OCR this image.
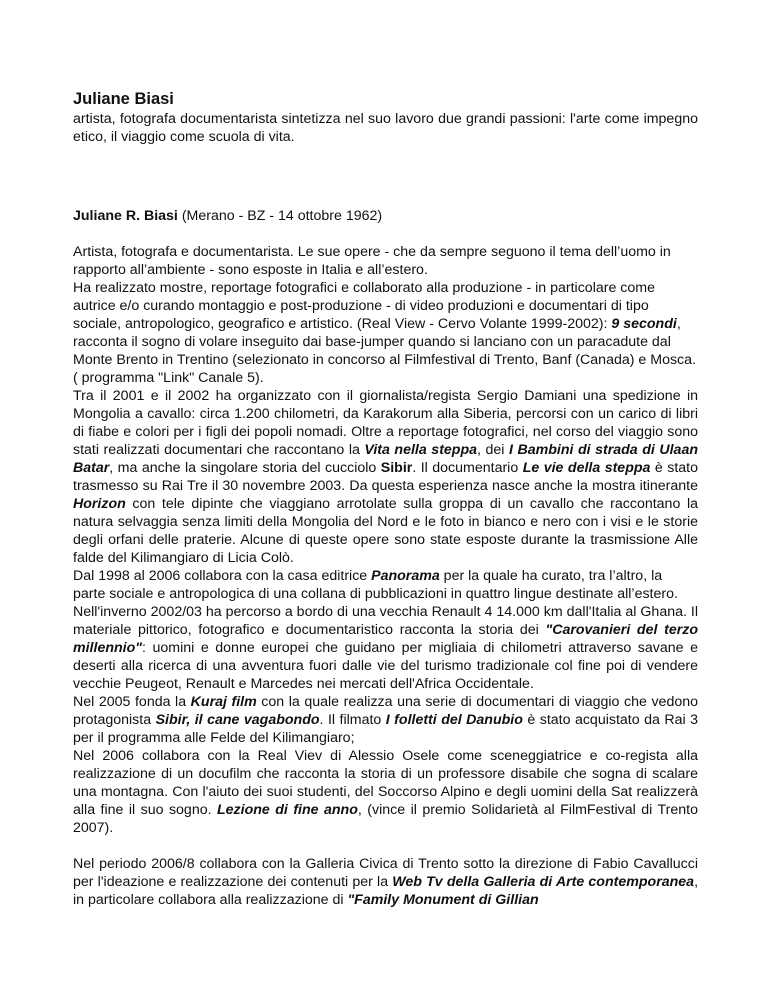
Juliane Biasi

artista, fotografa documentarista sintetizza nel suo lavoro due grandi passioni: l'arte come impegno etico, il viaggio come scuola di vita.

Juliane R. Biasi (Merano - BZ - 14 ottobre 1962)

Artista, fotografa e documentarista. Le sue opere - che da sempre seguono il tema dell’uomo in rapporto all’ambiente - sono esposte in Italia e all’estero.

Ha realizzato mostre, reportage fotografici e collaborato alla produzione - in particolare come autrice e/o curando montaggio e post-produzione - di video produzioni e documentari di tipo sociale, antropologico, geografico e artistico. (Real View - Cervo Volante 1999-2002): 9 secondi, racconta il sogno di volare inseguito dai base-jumper quando si lanciano con un paracadute dal Monte Brento in Trentino (selezionato in concorso al Filmfestival di Trento, Banf (Canada) e Mosca. ( programma "Link" Canale 5).

Tra il 2001 e il 2002 ha organizzato con il giornalista/regista Sergio Damiani una spedizione in Mongolia a cavallo: circa 1.200 chilometri, da Karakorum alla Siberia, percorsi con un carico di libri di fiabe e colori per i figli dei popoli nomadi. Oltre a reportage fotografici, nel corso del viaggio sono stati realizzati documentari che raccontano la Vita nella steppa, dei I Bambini di strada di Ulaan Batar, ma anche la singolare storia del cucciolo Sibir. Il documentario Le vie della steppa è stato trasmesso su Rai Tre il 30 novembre 2003. Da questa esperienza nasce anche la mostra itinerante Horizon con tele dipinte che viaggiano arrotolate sulla groppa di un cavallo che raccontano la natura selvaggia senza limiti della Mongolia del Nord e le foto in bianco e nero con i visi e le storie degli orfani delle praterie. Alcune di queste opere sono state esposte durante la trasmissione Alle falde del Kilimangiaro di Licia Colò.

Dal 1998 al 2006 collabora con la casa editrice Panorama per la quale ha curato, tra l’altro, la parte sociale e antropologica di una collana di pubblicazioni in quattro lingue destinate all’estero.

Nell'inverno 2002/03 ha percorso a bordo di una vecchia Renault 4 14.000 km dall'Italia al Ghana. Il materiale pittorico, fotografico e documentaristico racconta la storia dei "Carovanieri del terzo millennio": uomini e donne europei che guidano per migliaia di chilometri attraverso savane e deserti alla ricerca di una avventura fuori dalle vie del turismo tradizionale col fine poi di vendere vecchie Peugeot, Renault e Marcedes nei mercati dell'Africa Occidentale.

Nel 2005 fonda la Kuraj film con la quale realizza una serie di documentari di viaggio che vedono protagonista Sibir, il cane vagabondo. Il filmato I folletti del Danubio è stato acquistato da Rai 3 per il programma alle Felde del Kilimangiaro;

Nel 2006 collabora con la Real Viev di Alessio Osele come sceneggiatrice e co-regista alla realizzazione di un docufilm che racconta la storia di un professore disabile che sogna di scalare una montagna. Con l'aiuto dei suoi studenti, del Soccorso Alpino e degli uomini della Sat realizzerà alla fine il suo sogno. Lezione di fine anno, (vince il premio Solidarietà al FilmFestival di Trento 2007).

Nel periodo 2006/8 collabora con la Galleria Civica di Trento sotto la direzione di Fabio Cavallucci per l'ideazione e realizzazione dei contenuti per la Web Tv della Galleria di Arte contemporanea, in particolare collabora alla realizzazione di "Family Monument di Gillian
